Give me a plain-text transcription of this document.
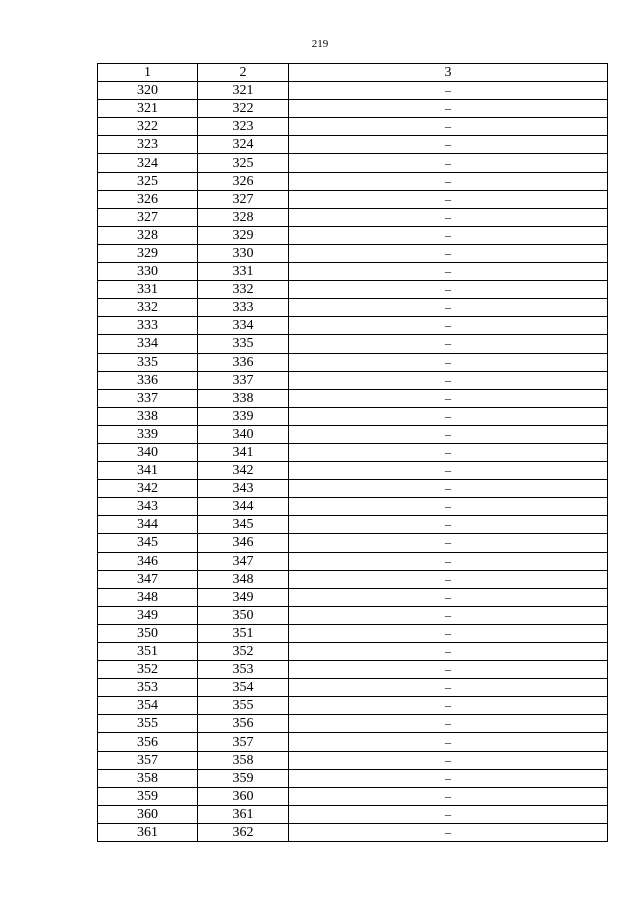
219
1	2	3
320	321	–
321	322	–
322	323	–
323	324	–
324	325	–
325	326	–
326	327	–
327	328	–
328	329	–
329	330	–
330	331	–
331	332	–
332	333	–
333	334	–
334	335	–
335	336	–
336	337	–
337	338	–
338	339	–
339	340	–
340	341	–
341	342	–
342	343	–
343	344	–
344	345	–
345	346	–
346	347	–
347	348	–
348	349	–
349	350	–
350	351	–
351	352	–
352	353	–
353	354	–
354	355	–
355	356	–
356	357	–
357	358	–
358	359	–
359	360	–
360	361	–
361	362	–
